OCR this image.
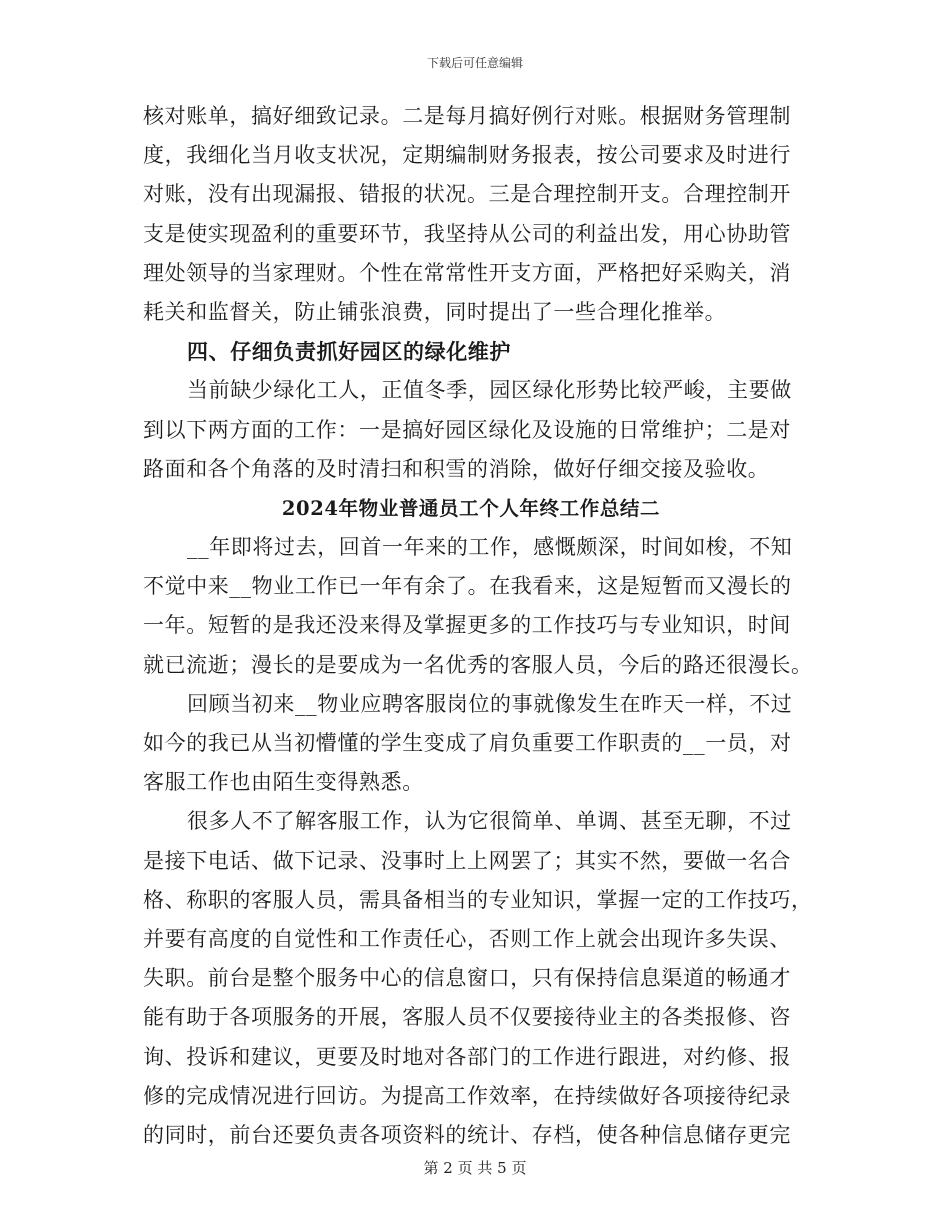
下载后可任意编辑
核对账单，搞好细致记录。二是每月搞好例行对账。根据财务管理制
度，我细化当月收支状况，定期编制财务报表，按公司要求及时进行
对账，没有出现漏报、错报的状况。三是合理控制开支。合理控制开
支是使实现盈利的重要环节，我坚持从公司的利益出发，用心协助管
理处领导的当家理财。个性在常常性开支方面，严格把好采购关，消
耗关和监督关，防止铺张浪费，同时提出了一些合理化推举。
四、仔细负责抓好园区的绿化维护
当前缺少绿化工人，正值冬季，园区绿化形势比较严峻，主要做
到以下两方面的工作：一是搞好园区绿化及设施的日常维护；二是对
路面和各个角落的及时清扫和积雪的消除，做好仔细交接及验收。
2024年物业普通员工个人年终工作总结二
__年即将过去，回首一年来的工作，感慨颇深，时间如梭，不知
不觉中来__物业工作已一年有余了。在我看来，这是短暂而又漫长的
一年。短暂的是我还没来得及掌握更多的工作技巧与专业知识，时间
就已流逝；漫长的是要成为一名优秀的客服人员，今后的路还很漫长。
回顾当初来__物业应聘客服岗位的事就像发生在昨天一样，不过
如今的我已从当初懵懂的学生变成了肩负重要工作职责的__一员，对
客服工作也由陌生变得熟悉。
很多人不了解客服工作，认为它很简单、单调、甚至无聊，不过
是接下电话、做下记录、没事时上上网罢了；其实不然，要做一名合
格、称职的客服人员，需具备相当的专业知识，掌握一定的工作技巧，
并要有高度的自觉性和工作责任心，否则工作上就会出现许多失误、
失职。前台是整个服务中心的信息窗口，只有保持信息渠道的畅通才
能有助于各项服务的开展，客服人员不仅要接待业主的各类报修、咨
询、投诉和建议，更要及时地对各部门的工作进行跟进，对约修、报
修的完成情况进行回访。为提高工作效率，在持续做好各项接待纪录
的同时，前台还要负责各项资料的统计、存档，使各种信息储存更完
第 2 页 共 5 页
